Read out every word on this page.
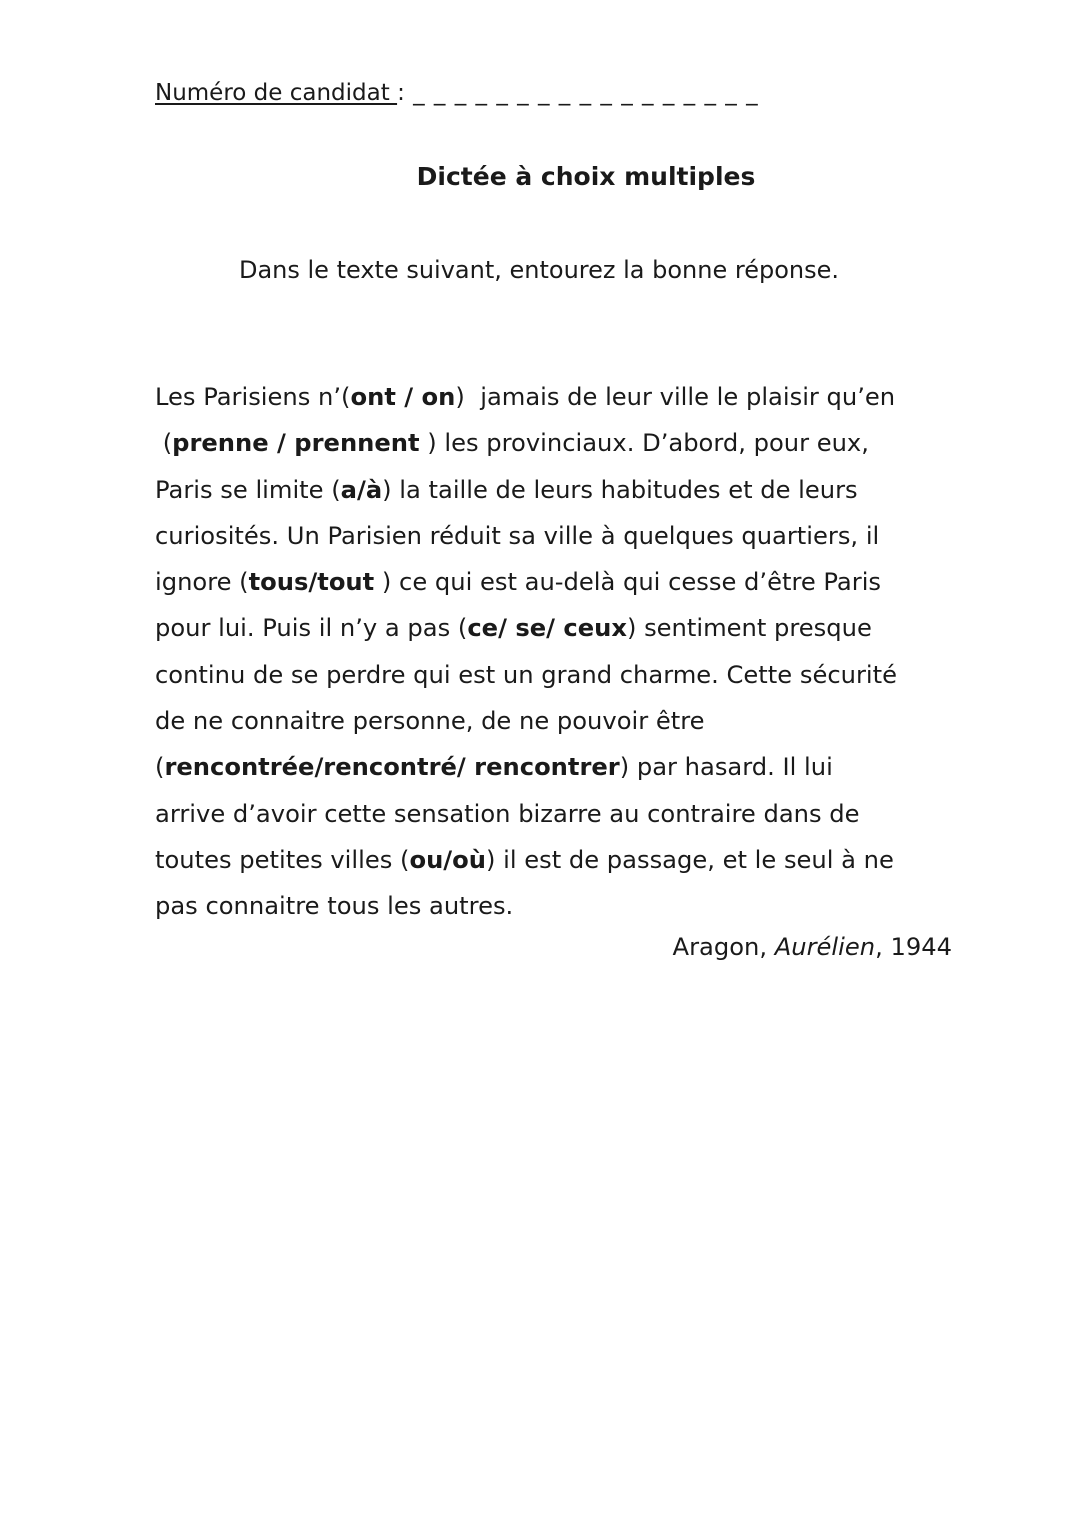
Numéro de candidat : _ _ _ _ _ _ _ _ _ _ _ _ _ _ _ _ _
Dictée à choix multiples
Dans le texte suivant, entourez la bonne réponse.
Les Parisiens n’(ont / on)  jamais de leur ville le plaisir qu’en
(prenne / prennent ) les provinciaux. D’abord, pour eux,
Paris se limite (a/à) la taille de leurs habitudes et de leurs
curiosités. Un Parisien réduit sa ville à quelques quartiers, il
ignore (tous/tout ) ce qui est au-delà qui cesse d’être Paris
pour lui. Puis il n’y a pas (ce/ se/ ceux) sentiment presque
continu de se perdre qui est un grand charme. Cette sécurité
de ne connaitre personne, de ne pouvoir être
(rencontrée/rencontré/ rencontrer) par hasard. Il lui
arrive d’avoir cette sensation bizarre au contraire dans de
toutes petites villes (ou/où) il est de passage, et le seul à ne
pas connaitre tous les autres.
Aragon, Aurélien, 1944
